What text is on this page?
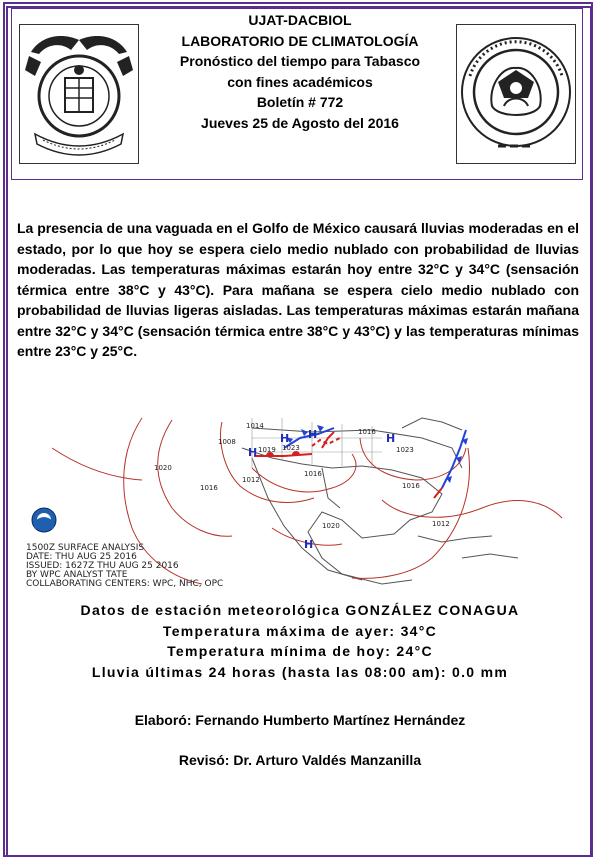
UJAT-DACBIOL
LABORATORIO DE CLIMATOLOGÍA
Pronóstico del tiempo para Tabasco
con fines académicos
Boletín # 772
Jueves 25 de Agosto del 2016
La presencia de una vaguada en el Golfo de México causará lluvias moderadas en el estado, por lo que hoy se espera cielo medio nublado con probabilidad de lluvias moderadas. Las temperaturas máximas estarán hoy entre 32°C y 34°C (sensación térmica entre 38°C y 43°C). Para mañana se espera cielo medio nublado con probabilidad de lluvias ligeras aisladas. Las temperaturas máximas estarán mañana entre 32°C y 34°C (sensación térmica entre 38°C y 43°C) y las temperaturas mínimas entre 23°C y 25°C.
1014
1008
1020
1016
1012
1019 1023
1016
1023
1016
1020	1012
1016
H
H H	H
H
1500Z SURFACE ANALYSIS
DATE: THU AUG 25 2016
ISSUED: 1627Z THU AUG 25 2016
BY WPC ANALYST TATE
COLLABORATING CENTERS: WPC, NHC, OPC
Datos de estación meteorológica GONZÁLEZ CONAGUA
Temperatura máxima de ayer: 34°C
Temperatura mínima de hoy: 24°C
Lluvia últimas 24 horas (hasta las 08:00 am): 0.0 mm
Elaboró: Fernando Humberto Martínez Hernández
Revisó: Dr. Arturo Valdés Manzanilla
